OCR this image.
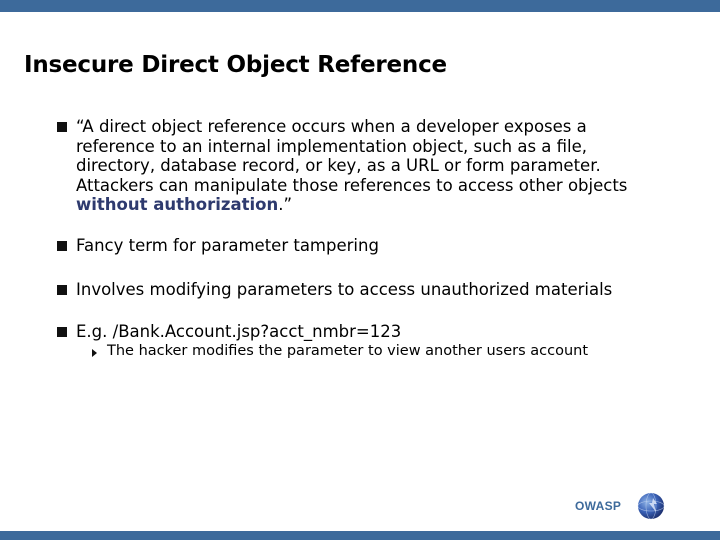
Insecure Direct Object Reference
“A direct object reference occurs when a developer exposes a
reference to an internal implementation object, such as a file,
directory, database record, or key, as a URL or form parameter.
Attackers can manipulate those references to access other objects
without authorization.”
Fancy term for parameter tampering
Involves modifying parameters to access unauthorized materials
E.g. /Bank.Account.jsp?acct_nmbr=123
The hacker modifies the parameter to view another users account
OWASP
